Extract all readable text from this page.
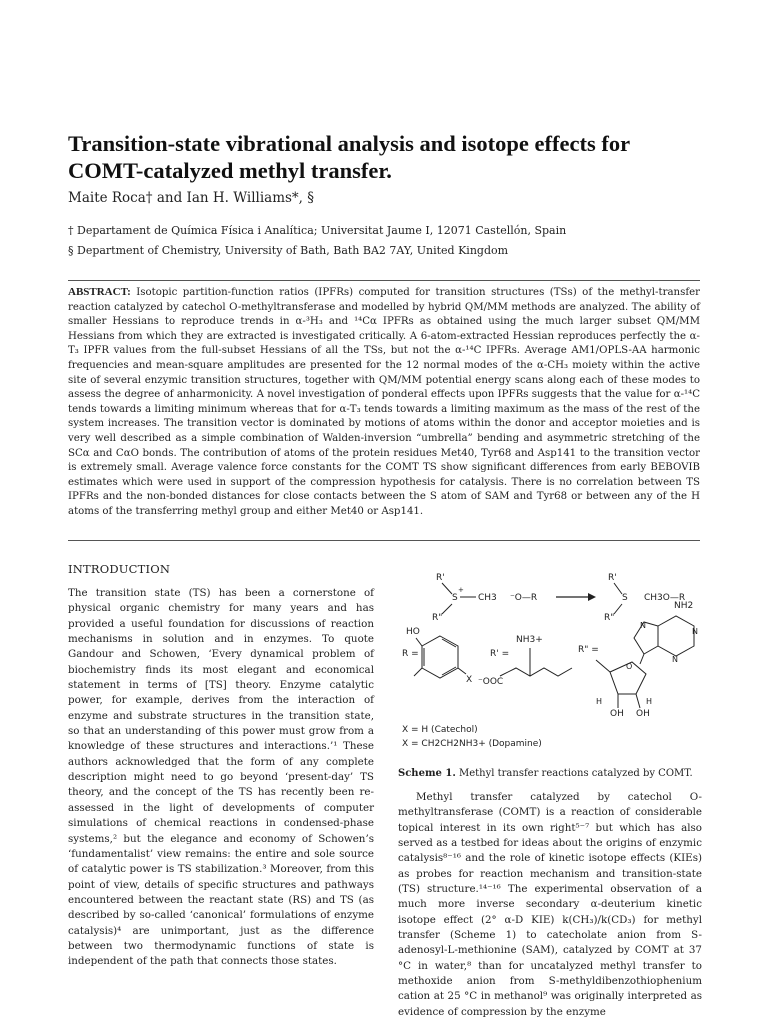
Transition-state vibrational analysis and isotope effects for COMT-catalyzed methyl transfer.
Maite Roca† and Ian H. Williams*, §
† Departament de Química Física i Analítica; Universitat Jaume I, 12071 Castellón, Spain
§ Department of Chemistry, University of Bath, Bath BA2 7AY, United Kingdom

ABSTRACT: Isotopic partition-function ratios (IPFRs) computed for transition structures (TSs) of the methyl-transfer reaction catalyzed by catechol O-methyltransferase and modelled by hybrid QM/MM methods are analyzed. The ability of smaller Hessians to reproduce trends in α-³H₃ and ¹⁴Cα IPFRs as obtained using the much larger subset QM/MM Hessians from which they are extracted is investigated critically. A 6-atom-extracted Hessian reproduces perfectly the α-T₃ IPFR values from the full-subset Hessians of all the TSs, but not the α-¹⁴C IPFRs. Average AM1/OPLS-AA harmonic frequencies and mean-square amplitudes are presented for the 12 normal modes of the α-CH₃ moiety within the active site of several enzymic transition structures, together with QM/MM potential energy scans along each of these modes to assess the degree of anharmonicity. A novel investigation of ponderal effects upon IPFRs suggests that the value for α-¹⁴C tends towards a limiting minimum whereas that for α-T₃ tends towards a limiting maximum as the mass of the rest of the system increases. The transition vector is dominated by motions of atoms within the donor and acceptor moieties and is very well described as a simple combination of Walden-inversion “umbrella” bending and asymmetric stretching of the SCα and CαO bonds. The contribution of atoms of the protein residues Met40, Tyr68 and Asp141 to the transition vector is extremely small. Average valence force constants for the COMT TS show significant differences from early BEBOVIB estimates which were used in support of the compression hypothesis for catalysis. There is no correlation between TS IPFRs and the non-bonded distances for close contacts between the S atom of SAM and Tyr68 or between any of the H atoms of the transferring methyl group and either Met40 or Asp141.

INTRODUCTION

The transition state (TS) has been a cornerstone of physical organic chemistry for many years and has provided a useful foundation for discussions of reaction mechanisms in solution and in enzymes. To quote Gandour and Schowen, ‘Every dynamical problem of biochemistry finds its most elegant and economical statement in terms of [TS] theory. Enzyme catalytic power, for example, derives from the interaction of enzyme and substrate structures in the transition state, so that an understanding of this power must grow from a knowledge of these structures and interactions.’¹ These authors acknowledged that the form of any complete description might need to go beyond ‘present-day’ TS theory, and the concept of the TS has recently been re-assessed in the light of developments of computer simulations of chemical reactions in condensed-phase systems,² but the elegance and economy of Schowen’s ‘fundamentalist’ view remains: the entire and sole source of catalytic power is TS stabilization.³ Moreover, from this point of view, details of specific structures and pathways encountered between the reactant state (RS) and TS (as described by so-called ‘canonical’ formulations of enzyme catalysis)⁴ are unimportant, just as the difference between two thermodynamic functions of state is independent of the path that connects those states.

R'
S
+
CH3
R"
⁻O—R
R'
S
R"
CH3O—R
R =
HO
X
R' =
NH3+
⁻OOC
R" =
O
H	H
OH OH
NH2
N
N
N
X = H (Catechol)
X = CH2CH2NH3+ (Dopamine)
Scheme 1. Methyl transfer reactions catalyzed by COMT.

Methyl transfer catalyzed by catechol O-methyltransferase (COMT) is a reaction of considerable topical interest in its own right⁵⁻⁷ but which has also served as a testbed for ideas about the origins of enzymic catalysis⁸⁻¹⁶ and the role of kinetic isotope effects (KIEs) as probes for reaction mechanism and transition-state (TS) structure.¹⁴⁻¹⁶ The experimental observation of a much more inverse secondary α-deuterium kinetic isotope effect (2° α-D KIE) k(CH₃)/k(CD₃) for methyl transfer (Scheme 1) to catecholate anion from S-adenosyl-L-methionine (SAM), catalyzed by COMT at 37 °C in water,⁸ than for uncatalyzed methyl transfer to methoxide anion from S-methyldibenzothiophenium cation at 25 °C in methanol⁹ was originally interpreted as evidence of compression by the enzyme
